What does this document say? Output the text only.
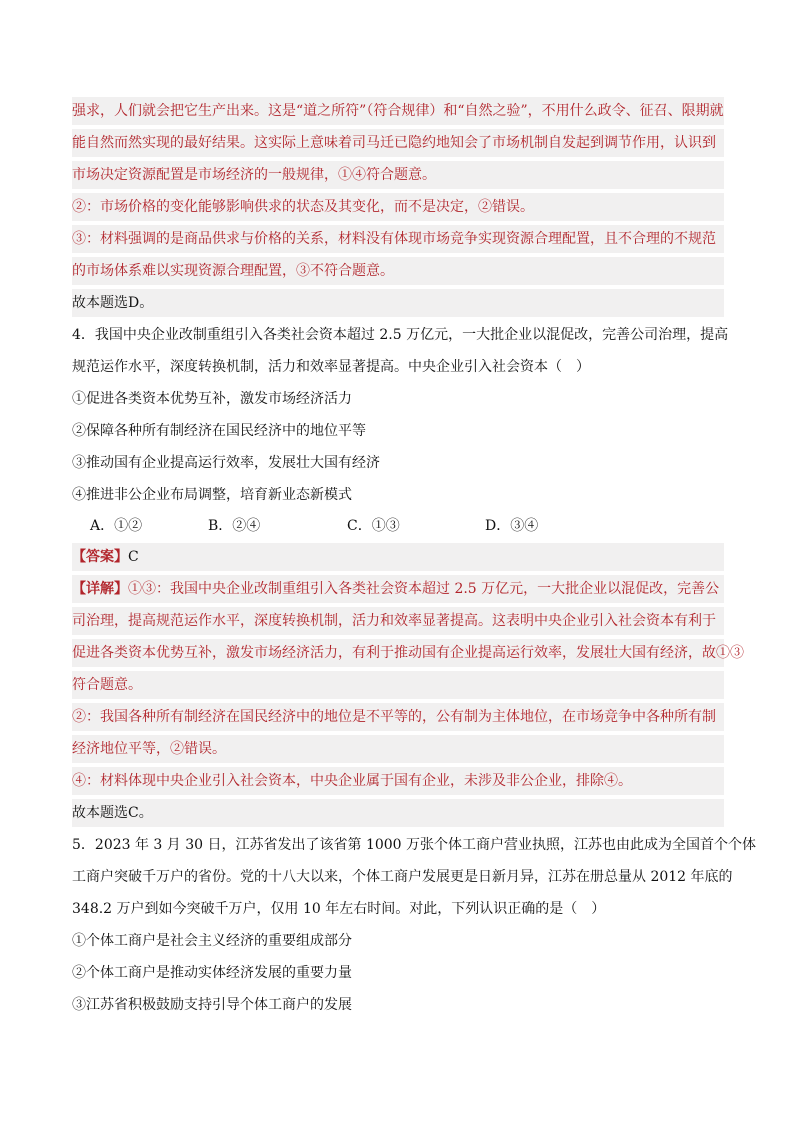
强求，人们就会把它生产出来。这是“道之所符”（符合规律）和“自然之验”，不用什么政令、征召、限期就
能自然而然实现的最好结果。这实际上意味着司马迁已隐约地知会了市场机制自发起到调节作用，认识到
市场决定资源配置是市场经济的一般规律，①④符合题意。
②：市场价格的变化能够影响供求的状态及其变化，而不是决定，②错误。
③：材料强调的是商品供求与价格的关系，材料没有体现市场竞争实现资源合理配置，且不合理的不规范
的市场体系难以实现资源合理配置，③不符合题意。
故本题选D。
4．我国中央企业改制重组引入各类社会资本超过 2.5 万亿元，一大批企业以混促改，完善公司治理，提高
规范运作水平，深度转换机制，活力和效率显著提高。中央企业引入社会资本（　）
①促进各类资本优势互补，激发市场经济活力
②保障各种所有制经济在国民经济中的地位平等
③推动国有企业提高运行效率，发展壮大国有经济
④推进非公企业布局调整，培育新业态新模式
A．①②	B．②④	C．①③	D．③④
【答案】C
【详解】①③：我国中央企业改制重组引入各类社会资本超过 2.5 万亿元，一大批企业以混促改，完善公
司治理，提高规范运作水平，深度转换机制，活力和效率显著提高。这表明中央企业引入社会资本有利于
促进各类资本优势互补，激发市场经济活力，有利于推动国有企业提高运行效率，发展壮大国有经济，故①③
符合题意。
②：我国各种所有制经济在国民经济中的地位是不平等的，公有制为主体地位，在市场竞争中各种所有制
经济地位平等，②错误。
④：材料体现中央企业引入社会资本，中央企业属于国有企业，未涉及非公企业，排除④。
故本题选C。
5．2023 年 3 月 30 日，江苏省发出了该省第 1000 万张个体工商户营业执照，江苏也由此成为全国首个个体
工商户突破千万户的省份。党的十八大以来，个体工商户发展更是日新月异，江苏在册总量从 2012 年底的
348.2 万户到如今突破千万户，仅用 10 年左右时间。对此，下列认识正确的是（　）
①个体工商户是社会主义经济的重要组成部分
②个体工商户是推动实体经济发展的重要力量
③江苏省积极鼓励支持引导个体工商户的发展
